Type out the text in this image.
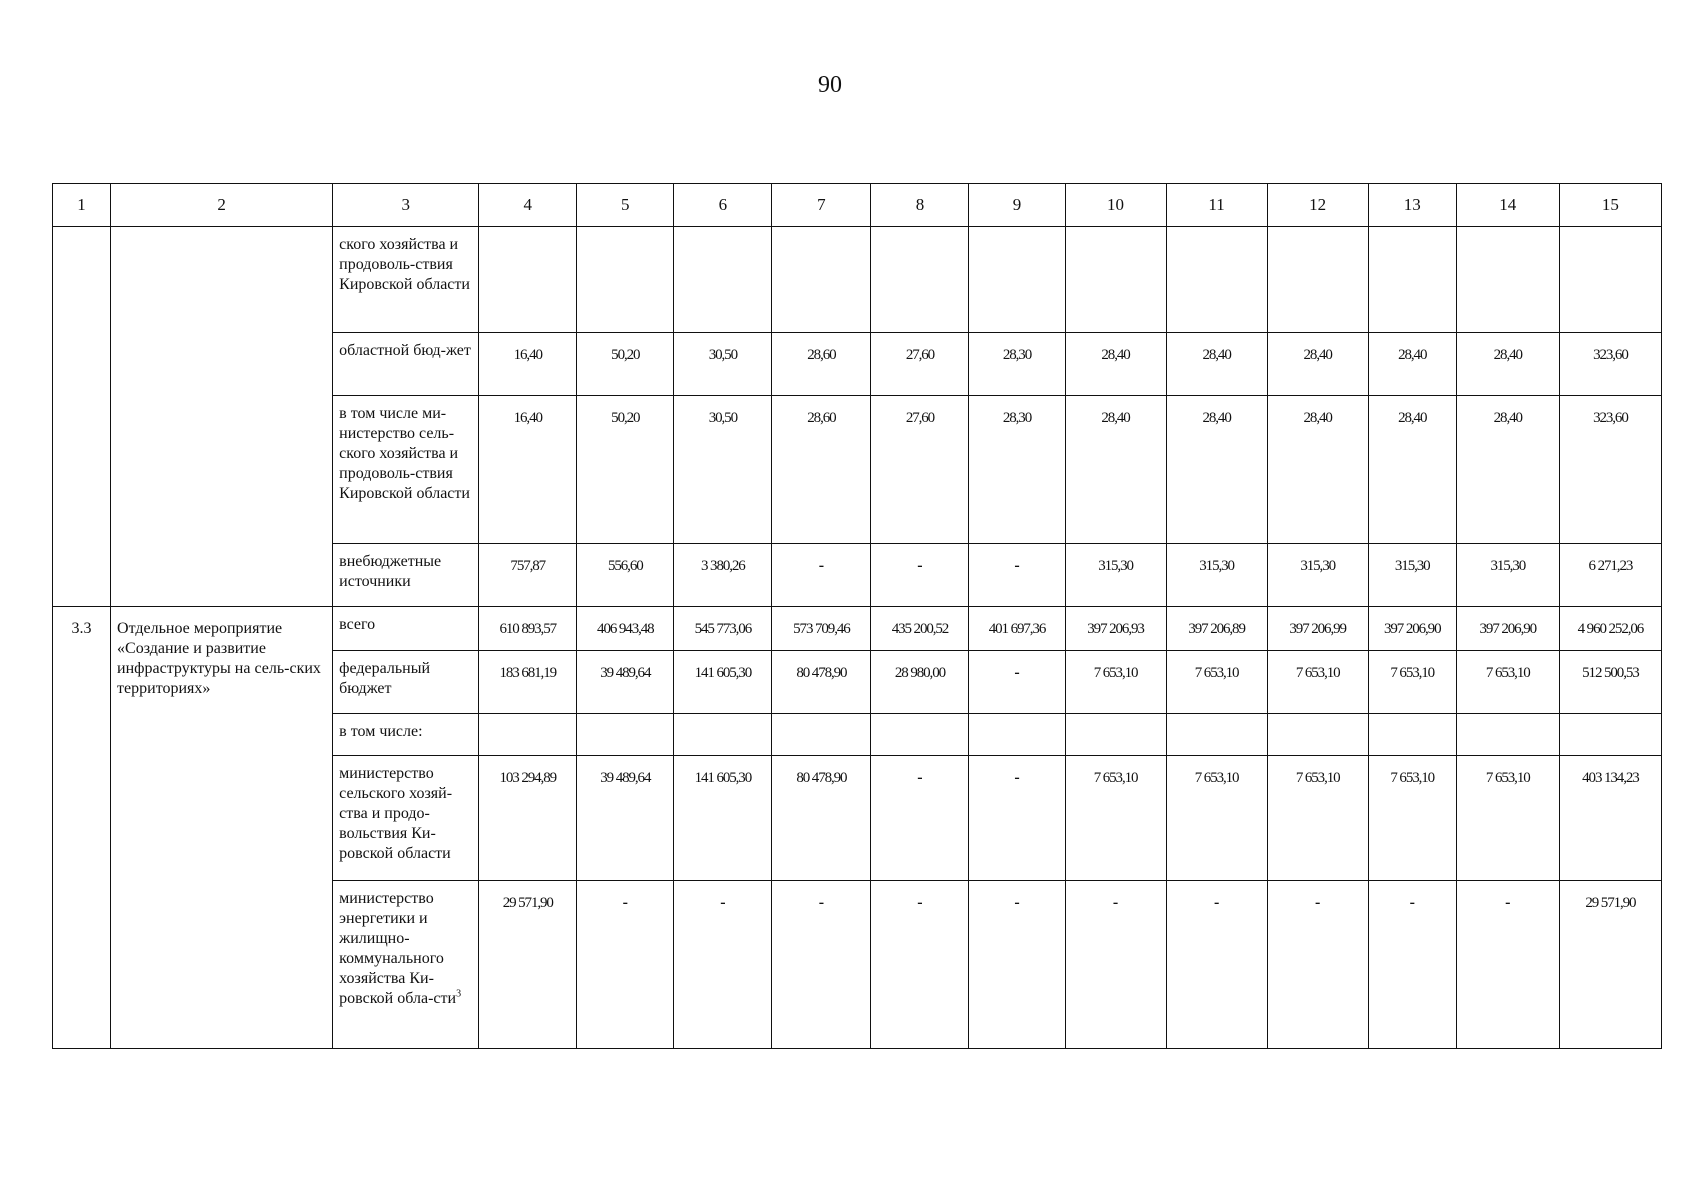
90
1	2	3	4	5	6	7	8	9	10	11	12	13	14	15
		ского хозяйства и продоволь-ствия Кировской области												
		областной бюд-жет	16,40	50,20	30,50	28,60	27,60	28,30	28,40	28,40	28,40	28,40	28,40	323,60
		в том числе ми-нистерство сель-ского хозяйства и продоволь-ствия Кировской области	16,40	50,20	30,50	28,60	27,60	28,30	28,40	28,40	28,40	28,40	28,40	323,60
		внебюджетные источники	757,87	556,60	3 380,26	-	-	-	315,30	315,30	315,30	315,30	315,30	6 271,23
3.3	Отдельное мероприятие «Создание и развитие инфраструктуры на сель-ских территориях»	всего	610 893,57	406 943,48	545 773,06	573 709,46	435 200,52	401 697,36	397 206,93	397 206,89	397 206,99	397 206,90	397 206,90	4 960 252,06
		федеральный бюджет	183 681,19	39 489,64	141 605,30	80 478,90	28 980,00	-	7 653,10	7 653,10	7 653,10	7 653,10	7 653,10	512 500,53
		в том числе:												
		министерство сельского хозяй-ства и продо-вольствия Ки-ровской области	103 294,89	39 489,64	141 605,30	80 478,90	-	-	7 653,10	7 653,10	7 653,10	7 653,10	7 653,10	403 134,23
		министерство энергетики и жилищно-коммунального хозяйства Ки-ровской обла-сти$^3$	29 571,90	-	-	-	-	-	-	-	-	-	-	29 571,90
